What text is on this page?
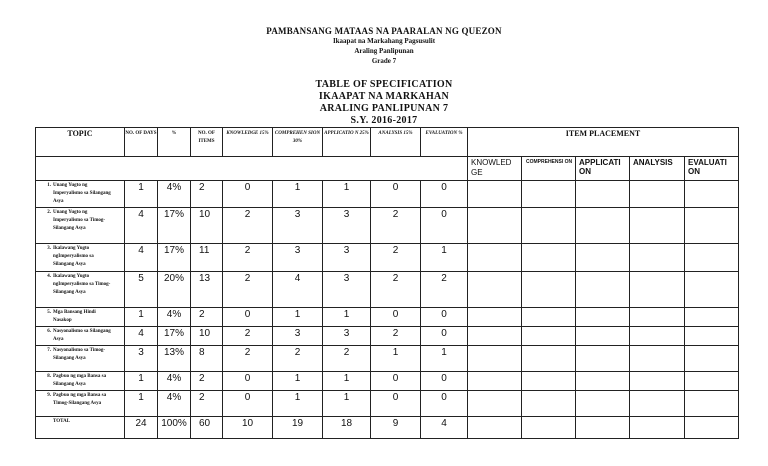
PAMBANSANG MATAAS NA PAARALAN NG QUEZON
Ikaapat na Markahang Pagsusulit
Araling Panlipunan
Grade 7
TABLE OF SPECIFICATION
IKAAPAT NA MARKAHAN
ARALING PANLIPUNAN 7
S.Y. 2016-2017
TOPIC	NO. OF DAYS	%	NO. OF ITEMS	KNOWLEDGE 15%	COMPREHEN SION 30%	APPLICATIO N 25%	ANALYSIS 15%	EVALUATION %	ITEM PLACEMENT				
									KNOWLED GE	COMPREHENSI ON	APPLICATI ON	ANALYSIS	EVALUATI ON
1. Unang Yugto ng Imperyalismo sa Silangang Asya	1	4%	2	0	1	1	0	0					
2. Unang Yugto ng Imperyalismo sa Timog-Silangang Asya	4	17%	10	2	3	3	2	0					
3. Ikalawang Yugto ngImperyalismo sa Silangang Asya	4	17%	11	2	3	3	2	1					
4. Ikalawang Yugto ngImperyalismo sa Timog-Silangang Asya	5	20%	13	2	4	3	2	2					
5. Mga Bansang Hindi Nasakop	1	4%	2	0	1	1	0	0					
6. Nasyonalismo sa Silangang Asya	4	17%	10	2	3	3	2	0					
7. Nasyonalismo sa Timog-Silangang Asya	3	13%	8	2	2	2	1	1					
8. Pagbuo ng mga Bansa sa Silangang Asya	1	4%	2	0	1	1	0	0					
9. Pagbuo ng mga Bansa sa Timog-Silangang Asya	1	4%	2	0	1	1	0	0					
TOTAL	24	100%	60	10	19	18	9	4					
